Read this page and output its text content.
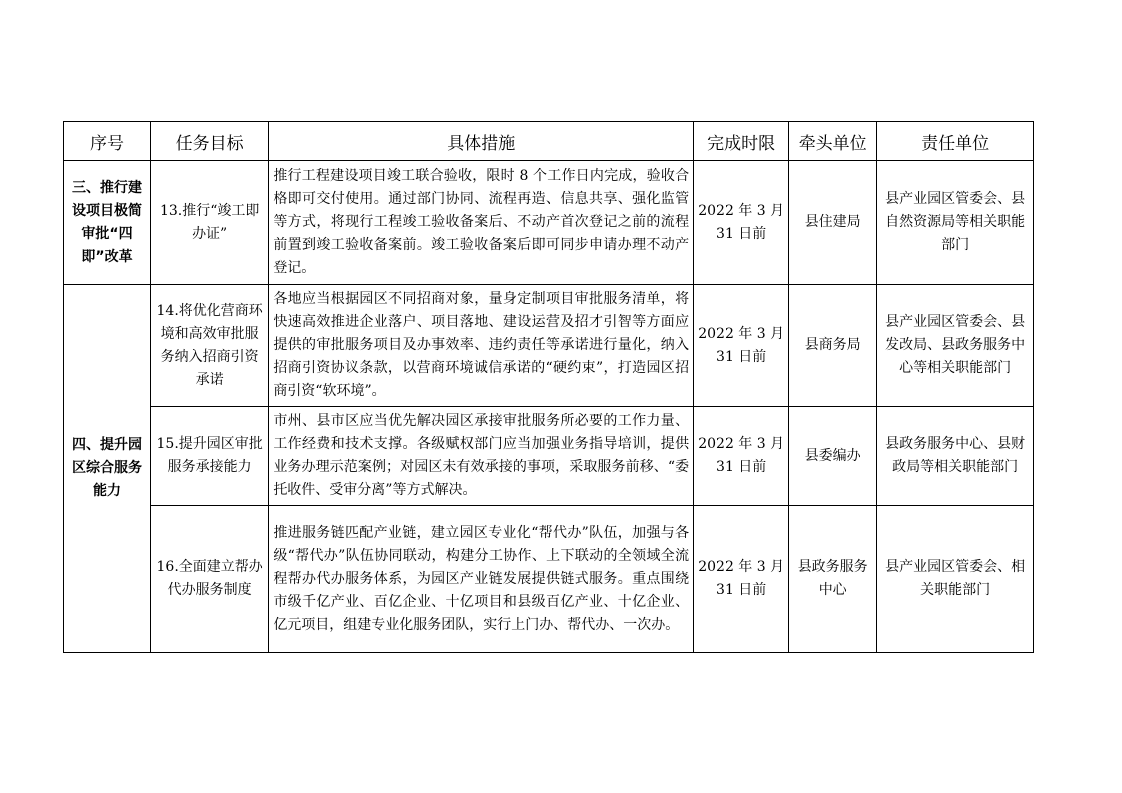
序号	任务目标	具体措施	完成时限	牵头单位	责任单位
三、推行建设项目极简审批“四即”改革	13.推行“竣工即办证”	推行工程建设项目竣工联合验收，限时 8 个工作日内完成，验收合格即可交付使用。通过部门协同、流程再造、信息共享、强化监管等方式，将现行工程竣工验收备案后、不动产首次登记之前的流程前置到竣工验收备案前。竣工验收备案后即可同步申请办理不动产登记。	2022 年 3 月 31 日前	县住建局	县产业园区管委会、县自然资源局等相关职能部门
四、提升园区综合服务能力	14.将优化营商环境和高效审批服务纳入招商引资承诺	各地应当根据园区不同招商对象，量身定制项目审批服务清单，将快速高效推进企业落户、项目落地、建设运营及招才引智等方面应提供的审批服务项目及办事效率、违约责任等承诺进行量化，纳入招商引资协议条款，以营商环境诚信承诺的“硬约束”，打造园区招商引资“软环境”。	2022 年 3 月 31 日前	县商务局	县产业园区管委会、县发改局、县政务服务中心等相关职能部门
	15.提升园区审批服务承接能力	市州、县市区应当优先解决园区承接审批服务所必要的工作力量、工作经费和技术支撑。各级赋权部门应当加强业务指导培训，提供业务办理示范案例；对园区未有效承接的事项，采取服务前移、“委托收件、受审分离”等方式解决。	2022 年 3 月 31 日前	县委编办	县政务服务中心、县财政局等相关职能部门
	16.全面建立帮办代办服务制度	推进服务链匹配产业链，建立园区专业化“帮代办”队伍，加强与各级“帮代办”队伍协同联动，构建分工协作、上下联动的全领域全流程帮办代办服务体系，为园区产业链发展提供链式服务。重点围绕市级千亿产业、百亿企业、十亿项目和县级百亿产业、十亿企业、亿元项目，组建专业化服务团队，实行上门办、帮代办、一次办。	2022 年 3 月 31 日前	县政务服务中心	县产业园区管委会、相关职能部门
